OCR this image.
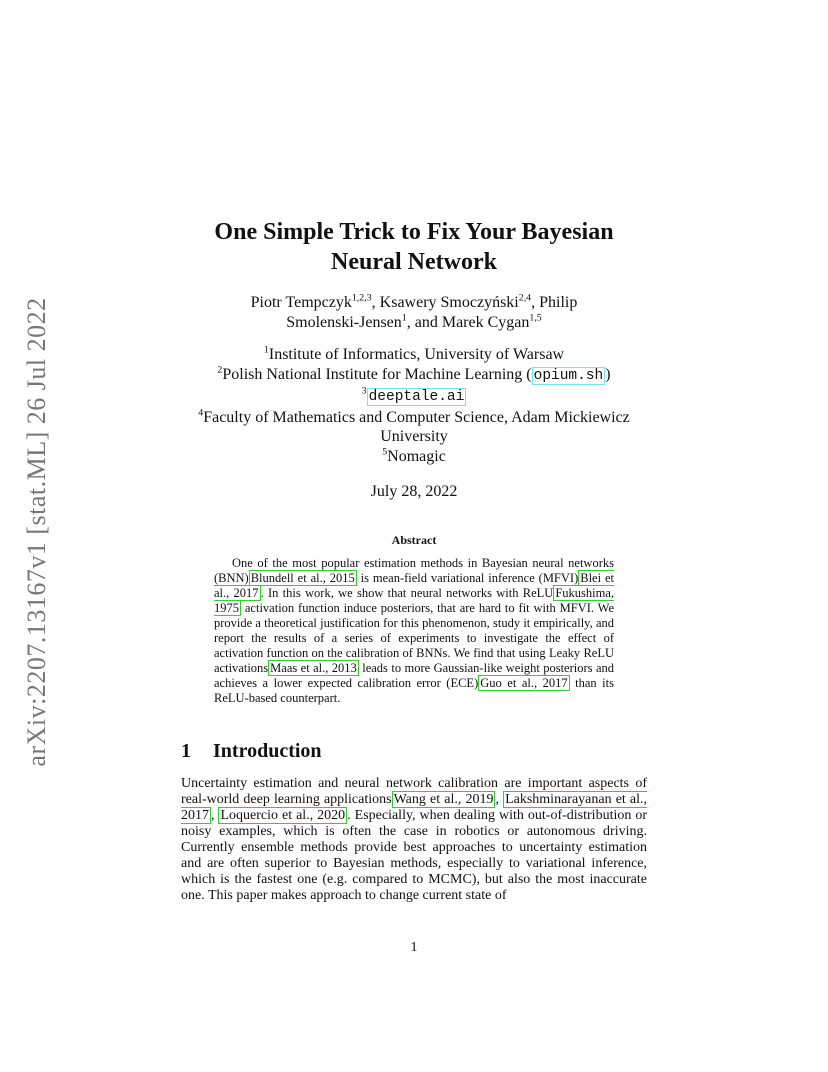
arXiv:2207.13167v1 [stat.ML] 26 Jul 2022
One Simple Trick to Fix Your Bayesian
Neural Network
Piotr Tempczyk$^{1,2,3}$, Ksawery Smoczyński$^{2,4}$, Philip
Smolenski-Jensen$^1$, and Marek Cygan$^{1,5}$
$^1$Institute of Informatics, University of Warsaw
$^2$Polish National Institute for Machine Learning ( opium.sh )
$^3$ deeptale.ai
$^4$Faculty of Mathematics and Computer Science, Adam Mickiewicz
University
$^5$Nomagic
July 28, 2022
Abstract
One of the most popular estimation methods in Bayesian neural networks (BNN) Blundell et al., 2015 is mean-field variational inference (MFVI) Blei et al., 2017 . In this work, we show that neural networks with ReLU Fukushima, 1975 activation function induce posteriors, that are hard to fit with MFVI. We provide a theoretical justification for this phenomenon, study it empirically, and report the results of a series of experiments to investigate the effect of activation function on the calibration of BNNs. We find that using Leaky ReLU activations Maas et al., 2013 leads to more Gaussian-like weight posteriors and achieves a lower expected calibration error (ECE) Guo et al., 2017 than its ReLU-based counterpart.
1 Introduction
Uncertainty estimation and neural network calibration are important aspects of real-world deep learning applications Wang et al., 2019 , Lakshminarayanan et al., 2017 , Loquercio et al., 2020 . Especially, when dealing with out-of-distribution or noisy examples, which is often the case in robotics or autonomous driving. Currently ensemble methods provide best approaches to uncertainty estimation and are often superior to Bayesian methods, especially to variational inference, which is the fastest one (e.g. compared to MCMC), but also the most inaccurate one. This paper makes approach to change current state of
1
